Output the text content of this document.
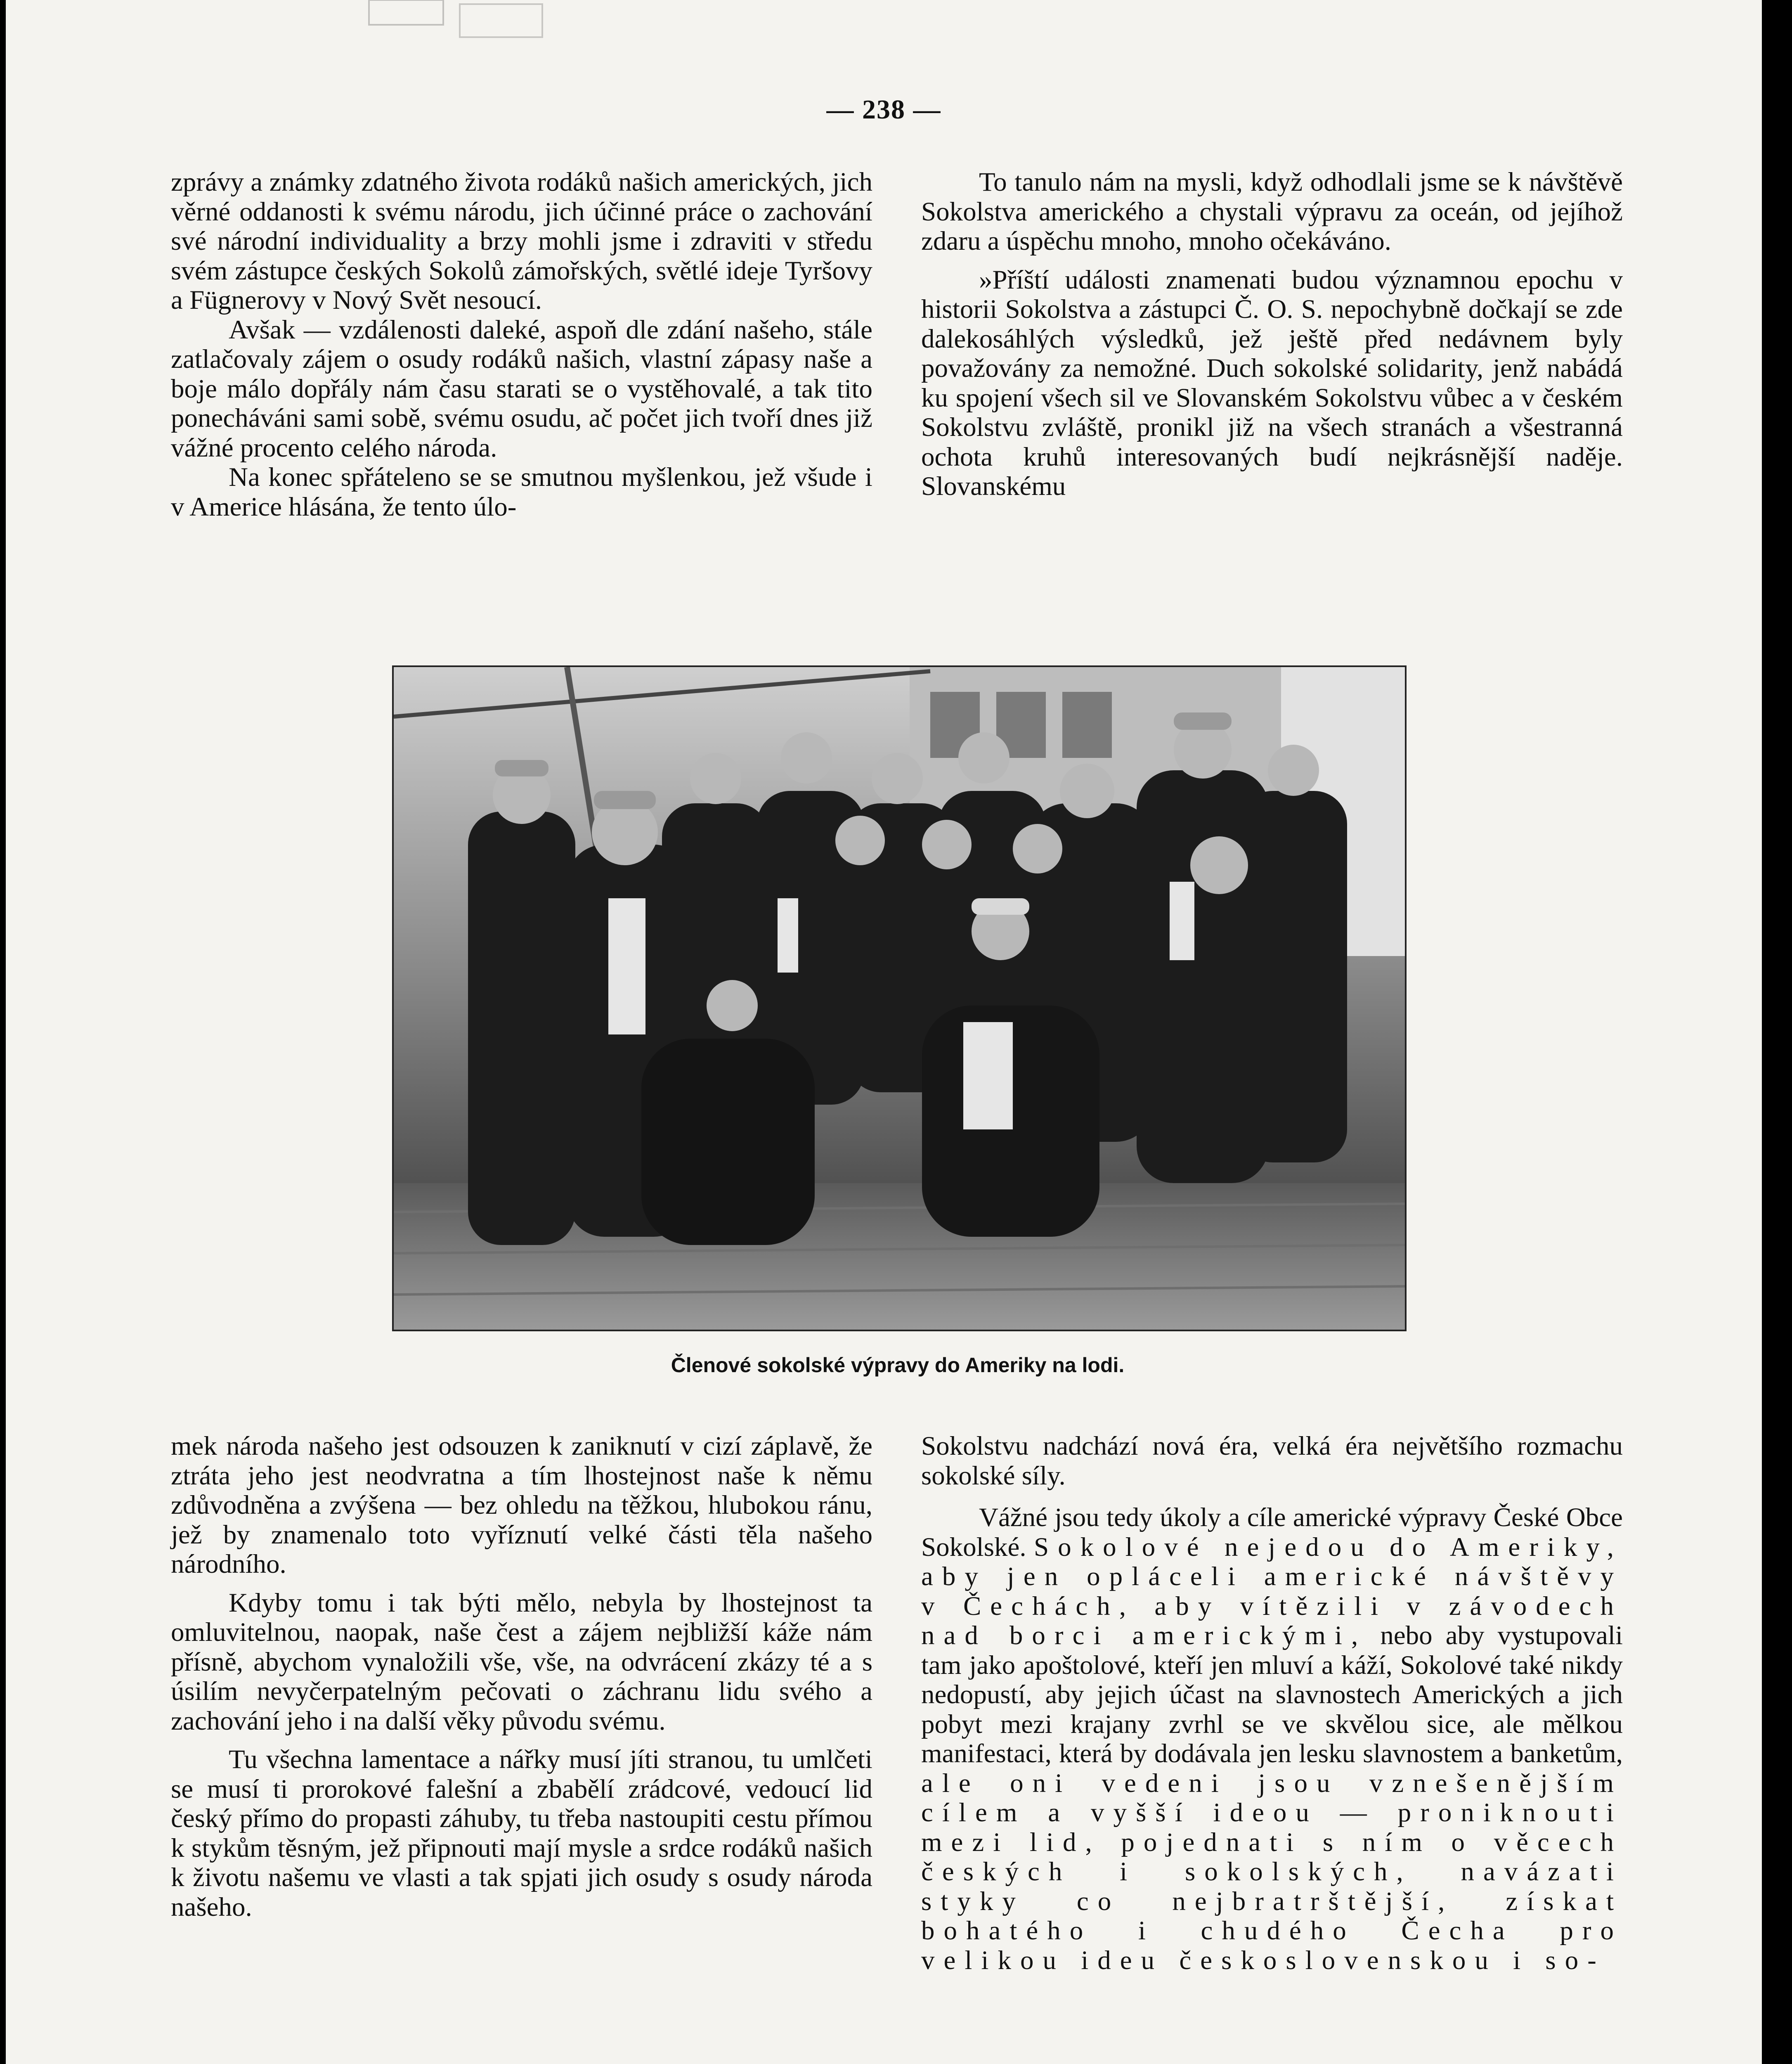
— 238 —

zprávy a známky zdatného života rodáků našich amerických, jich věrné oddanosti k svému národu, jich účinné práce o zachování své národní individuality a brzy mohli jsme i zdraviti v středu svém zástupce českých Sokolů zámořských, světlé ideje Tyršovy a Fügnerovy v Nový Svět nesoucí.

Avšak — vzdálenosti daleké, aspoň dle zdání našeho, stále zatlačovaly zájem o osudy rodáků našich, vlastní zápasy naše a boje málo dopřály nám času starati se o vystěhovalé, a tak tito ponecháváni sami sobě, svému osudu, ač počet jich tvoří dnes již vážné procento celého národa.

Na konec spřáteleno se se smutnou myšlenkou, jež všude i v Americe hlásána, že tento úlo-

To tanulo nám na mysli, když odhodlali jsme se k návštěvě Sokolstva amerického a chystali výpravu za oceán, od jejíhož zdaru a úspěchu mnoho, mnoho očekáváno.

»Příští události znamenati budou významnou epochu v historii Sokolstva a zástupci Č. O. S. nepochybně dočkají se zde dalekosáhlých výsledků, jež ještě před nedávnem byly považovány za nemožné. Duch sokolské solidarity, jenž nabádá ku spojení všech sil ve Slovanském Sokolstvu vůbec a v českém Sokolstvu zvláště, pronikl již na všech stranách a všestranná ochota kruhů interesovaných budí nejkrásnější naděje. Slovanskému

Členové sokolské výpravy do Ameriky na lodi.

mek národa našeho jest odsouzen k zaniknutí v cizí záplavě, že ztráta jeho jest neodvratna a tím lhostejnost naše k němu zdůvodněna a zvýšena — bez ohledu na těžkou, hlubokou ránu, jež by znamenalo toto vyříznutí velké části těla našeho národního.

Kdyby tomu i tak býti mělo, nebyla by lhostejnost ta omluvitelnou, naopak, naše čest a zájem nejbližší káže nám přísně, abychom vynaložili vše, vše, na odvrácení zkázy té a s úsilím nevyčerpatelným pečovati o záchranu lidu svého a zachování jeho i na další věky původu svému.

Tu všechna lamentace a nářky musí jíti stranou, tu umlčeti se musí ti prorokové falešní a zbabělí zrádcové, vedoucí lid český přímo do propasti záhuby, tu třeba nastoupiti cestu přímou k stykům těsným, jež připnouti mají mysle a srdce rodáků našich k životu našemu ve vlasti a tak spjati jich osudy s osudy národa našeho.

Sokolstvu nadchází nová éra, velká éra největšího rozmachu sokolské síly.

Vážné jsou tedy úkoly a cíle americké výpravy České Obce Sokolské. Sokolové nejedou do Ameriky, aby jen opláceli americké návštěvy v Čechách, aby vítězili v závodech nad borci americkými, nebo aby vystupovali tam jako apoštolové, kteří jen mluví a káží, Sokolové také nikdy nedopustí, aby jejich účast na slavnostech Amerických a jich pobyt mezi krajany zvrhl se ve skvělou sice, ale mělkou manifestaci, která by dodávala jen lesku slavnostem a banketům, ale oni vedeni jsou vznešenějším cílem a vyšší ideou — proniknouti mezi lid, pojednati s ním o věcech českých i sokolských, navázati styky co nejbratrštější, získat bohatého i chudého Čecha pro velikou ideu československou i so-
